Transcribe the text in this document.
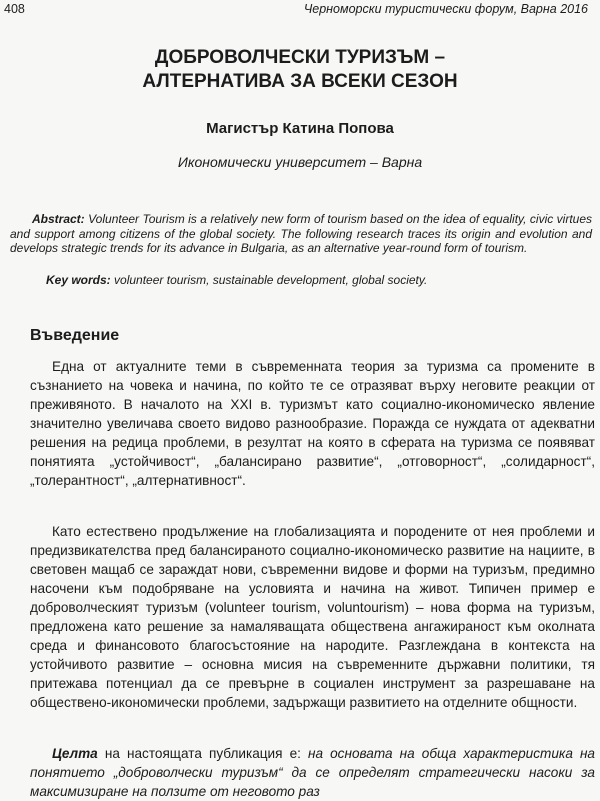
408	Черноморски туристически форум, Варна 2016
ДОБРОВОЛЧЕСКИ ТУРИЗЪМ –
АЛТЕРНАТИВА ЗА ВСЕКИ СЕЗОН

Магистър Катина Попова

Икономически университет – Варна

Abstract: Volunteer Tourism is a relatively new form of tourism based on the idea of equality, civic virtues and support among citizens of the global society. The following research traces its origin and evolution and develops strategic trends for its advance in Bulgaria, as an alternative year-round form of tourism.

Key words: volunteer tourism, sustainable development, global society.

Въведение

Една от актуалните теми в съвременната теория за туризма са промените в съзнанието на човека и начина, по който те се отразяват върху неговите реакции от преживяното. В началото на XXI в. туризмът като социално-икономическо явление значително увеличава своето видово разнообразие. Поражда се нуждата от адекватни решения на редица проблеми, в резултат на която в сферата на туризма се появяват понятията „устойчивост“, „балансирано развитие“, „отговорност“, „солидарност“, „толерантност“, „алтернативност“.

Като естествено продължение на глобализацията и породените от нея проблеми и предизвикателства пред балансираното социално-икономическо развитие на нациите, в световен мащаб се зараждат нови, съвременни видове и форми на туризъм, предимно насочени към подобряване на условията и начина на живот. Типичен пример е доброволческият туризъм (volunteer tourism, voluntourism) – нова форма на туризъм, предложена като решение за намаляващата обществена ангажираност към околната среда и финансовото благосъстояние на народите. Разглеждана в контекста на устойчивото развитие – основна мисия на съвременните държавни политики, тя притежава потенциал да се превърне в социален инструмент за разрешаване на обществено-икономически проблеми, задържащи развитието на отделните общности.

Целта на настоящата публикация е: на основата на обща характеристика на понятието „доброволчески туризъм“ да се определят стратегически насоки за максимизиране на ползите от неговото раз
